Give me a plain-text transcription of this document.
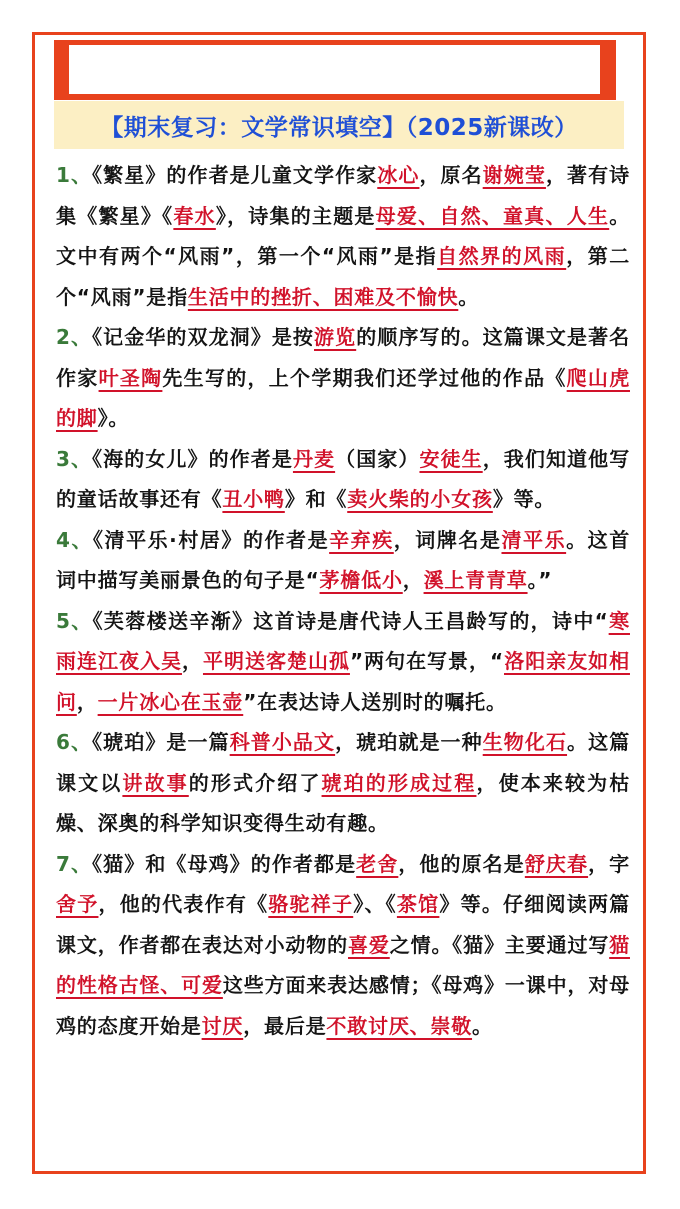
【期末复习：文学常识填空】（2025新课改）

1、《繁星》的作者是儿童文学作家冰心，原名谢婉莹，著有诗集《繁星》《春水》，诗集的主题是母爱、自然、童真、人生。文中有两个“风雨”，第一个“风雨”是指自然界的风雨，第二个“风雨”是指生活中的挫折、困难及不愉快。

2、《记金华的双龙洞》是按游览的顺序写的。这篇课文是著名作家叶圣陶先生写的，上个学期我们还学过他的作品《爬山虎的脚》。

3、《海的女儿》的作者是丹麦（国家）安徒生，我们知道他写的童话故事还有《丑小鸭》和《卖火柴的小女孩》等。

4、《清平乐·村居》的作者是辛弃疾，词牌名是清平乐。这首词中描写美丽景色的句子是“茅檐低小，溪上青青草。”

5、《芙蓉楼送辛渐》这首诗是唐代诗人王昌龄写的，诗中“寒雨连江夜入吴，平明送客楚山孤”两句在写景，“洛阳亲友如相问，一片冰心在玉壶”在表达诗人送别时的嘱托。

6、《琥珀》是一篇科普小品文，琥珀就是一种生物化石。这篇课文以讲故事的形式介绍了琥珀的形成过程，使本来较为枯燥、深奥的科学知识变得生动有趣。

7、《猫》和《母鸡》的作者都是老舍，他的原名是舒庆春，字舍予，他的代表作有《骆驼祥子》、《茶馆》等。仔细阅读两篇课文，作者都在表达对小动物的喜爱之情。《猫》主要通过写猫的性格古怪、可爱这些方面来表达感情；《母鸡》一课中，对母鸡的态度开始是讨厌，最后是不敢讨厌、崇敬。
